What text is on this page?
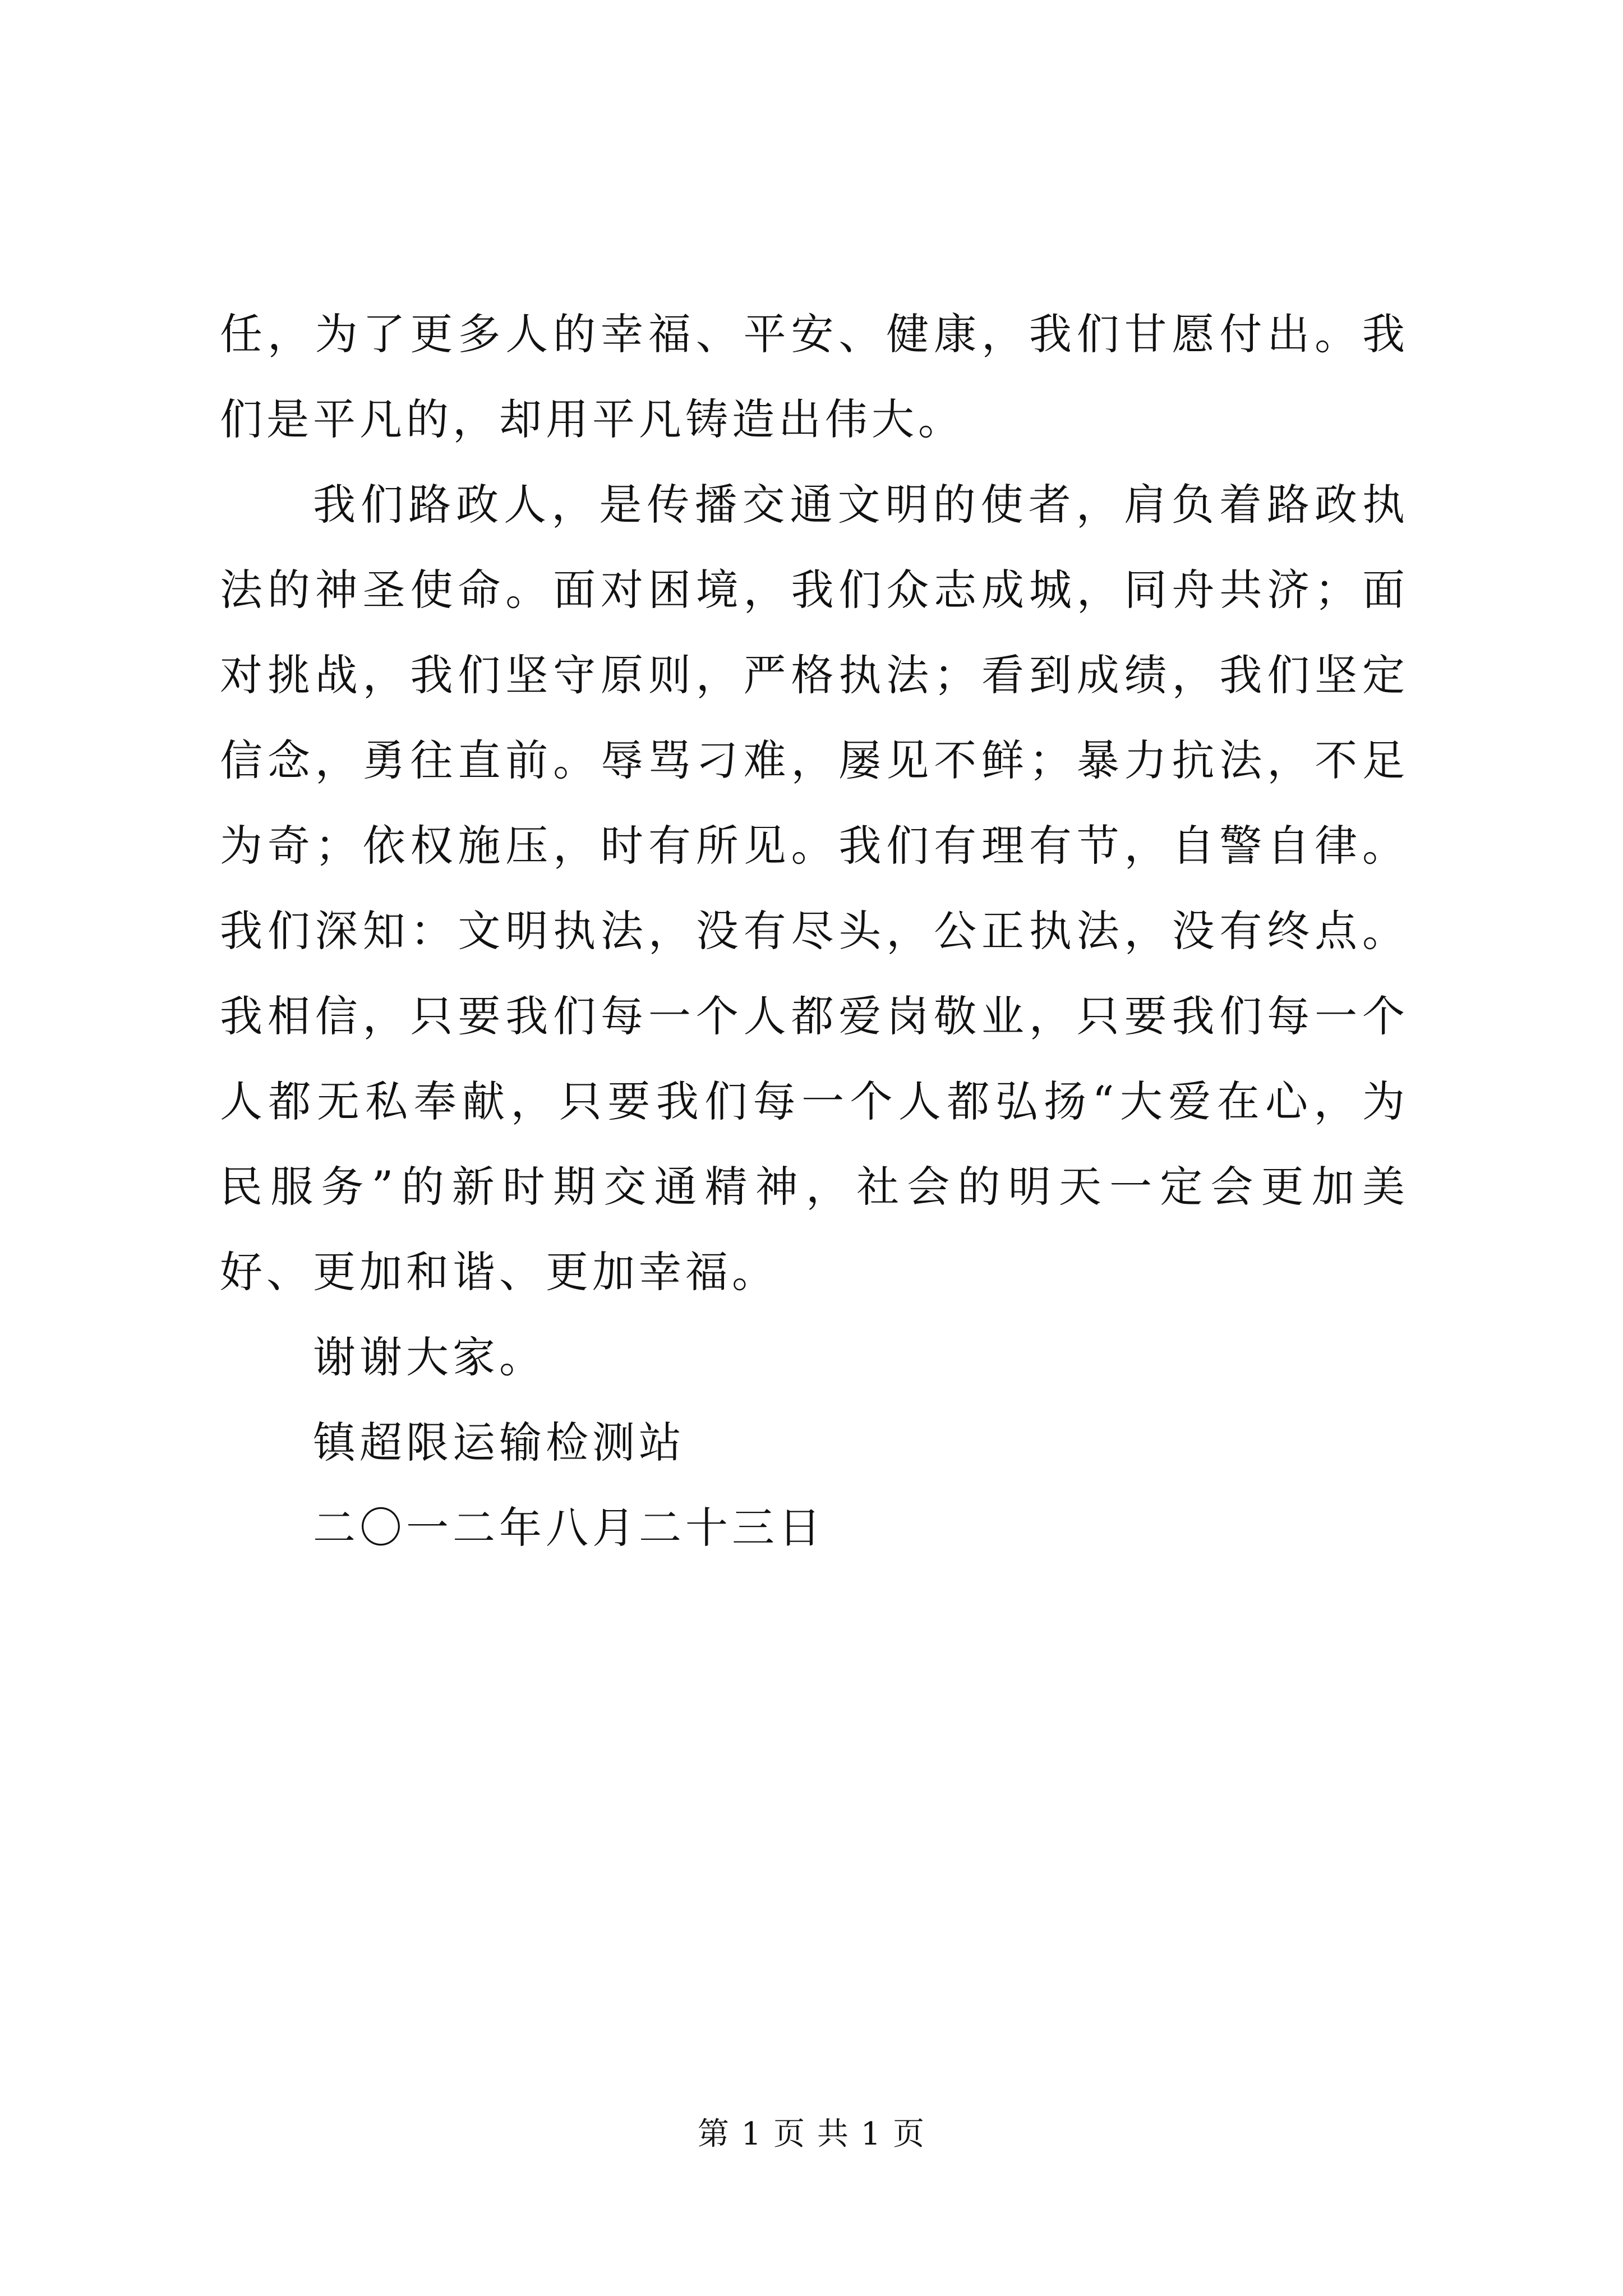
任，为了更多人的幸福、平安、健康，我们甘愿付出。我们是平凡的，却用平凡铸造出伟大。

我们路政人，是传播交通文明的使者，肩负着路政执法的神圣使命。面对困境，我们众志成城，同舟共济；面对挑战，我们坚守原则，严格执法；看到成绩，我们坚定信念，勇往直前。辱骂刁难，屡见不鲜；暴力抗法，不足为奇；依权施压，时有所见。我们有理有节，自警自律。我们深知：文明执法，没有尽头，公正执法，没有终点。我相信，只要我们每一个人都爱岗敬业，只要我们每一个人都无私奉献，只要我们每一个人都弘扬“大爱在心，为民服务”的新时期交通精神，社会的明天一定会更加美好、更加和谐、更加幸福。

谢谢大家。

镇超限运输检测站

二〇一二年八月二十三日

第 1 页 共 1 页
